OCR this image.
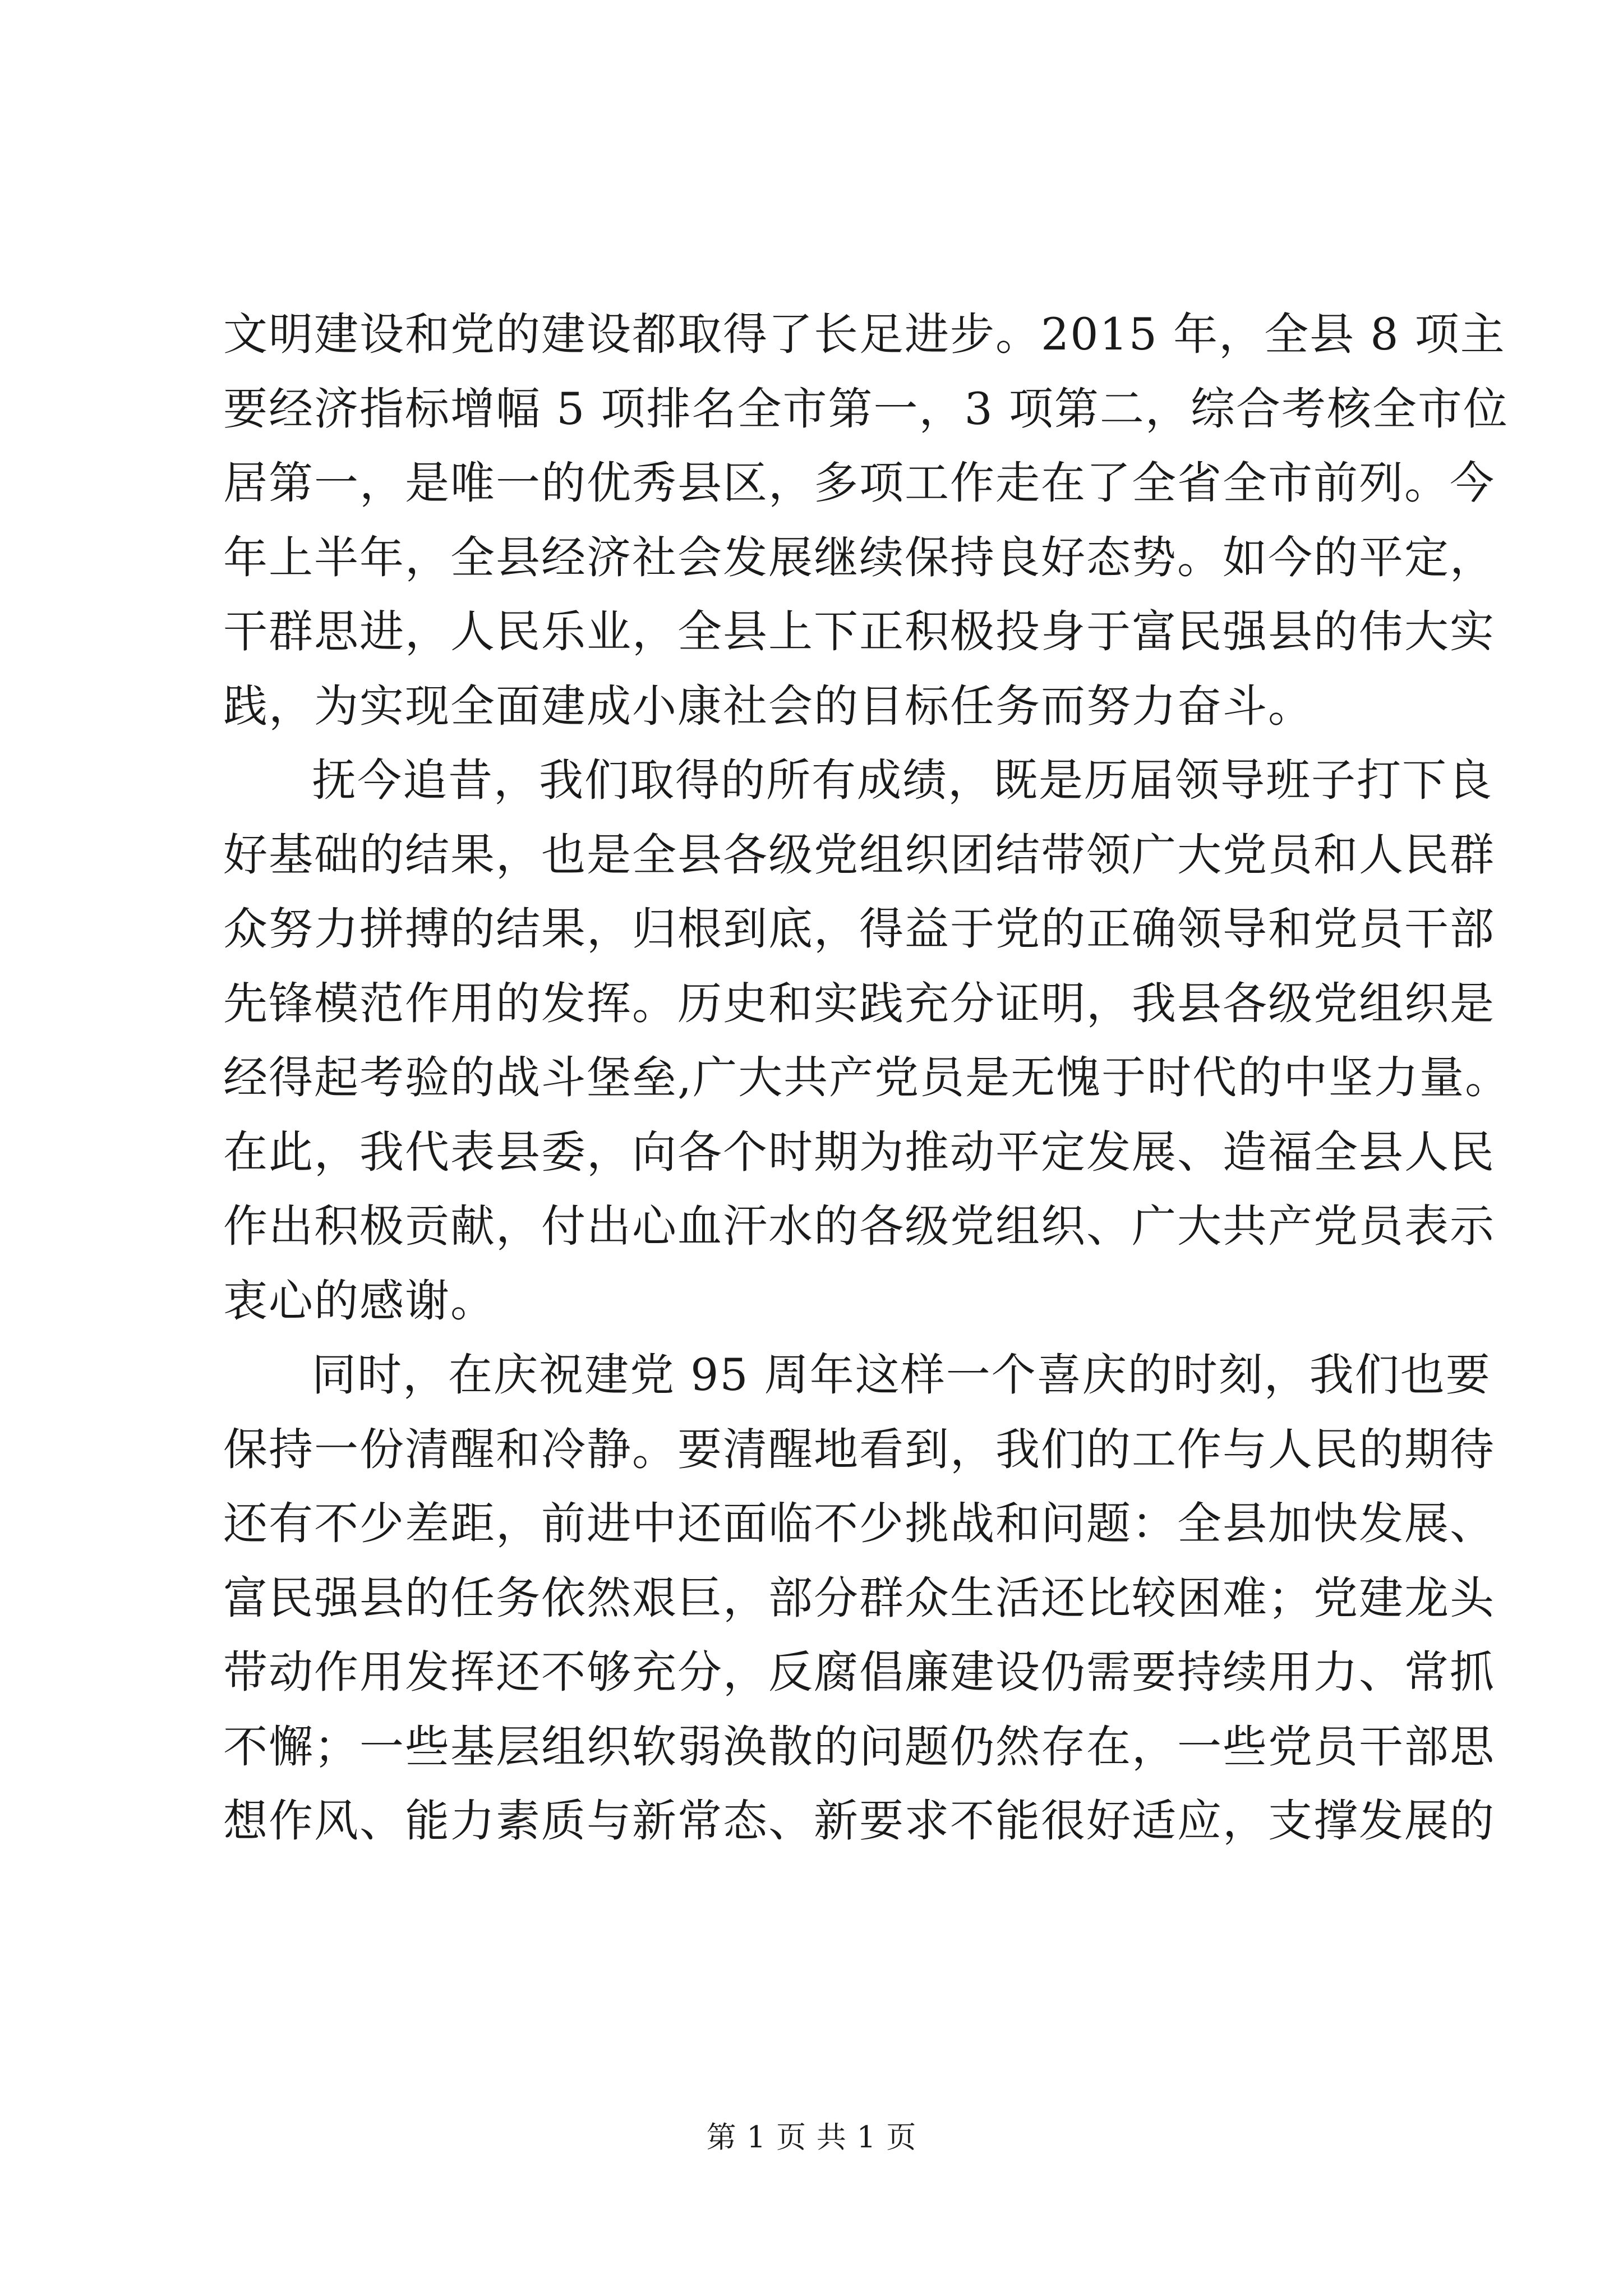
文明建设和党的建设都取得了长足进步。2015 年，全县 8 项主
要经济指标增幅 5 项排名全市第一，3 项第二，综合考核全市位
居第一，是唯一的优秀县区，多项工作走在了全省全市前列。今
年上半年，全县经济社会发展继续保持良好态势。如今的平定，
干群思进，人民乐业，全县上下正积极投身于富民强县的伟大实
践，为实现全面建成小康社会的目标任务而努力奋斗。
抚今追昔，我们取得的所有成绩，既是历届领导班子打下良
好基础的结果，也是全县各级党组织团结带领广大党员和人民群
众努力拼搏的结果，归根到底，得益于党的正确领导和党员干部
先锋模范作用的发挥。历史和实践充分证明，我县各级党组织是
经得起考验的战斗堡垒,广大共产党员是无愧于时代的中坚力量。
在此，我代表县委，向各个时期为推动平定发展、造福全县人民
作出积极贡献，付出心血汗水的各级党组织、广大共产党员表示
衷心的感谢。
同时，在庆祝建党 95 周年这样一个喜庆的时刻，我们也要
保持一份清醒和冷静。要清醒地看到，我们的工作与人民的期待
还有不少差距，前进中还面临不少挑战和问题：全县加快发展、
富民强县的任务依然艰巨，部分群众生活还比较困难；党建龙头
带动作用发挥还不够充分，反腐倡廉建设仍需要持续用力、常抓
不懈；一些基层组织软弱涣散的问题仍然存在，一些党员干部思
想作风、能力素质与新常态、新要求不能很好适应，支撑发展的
第 1 页 共 1 页
